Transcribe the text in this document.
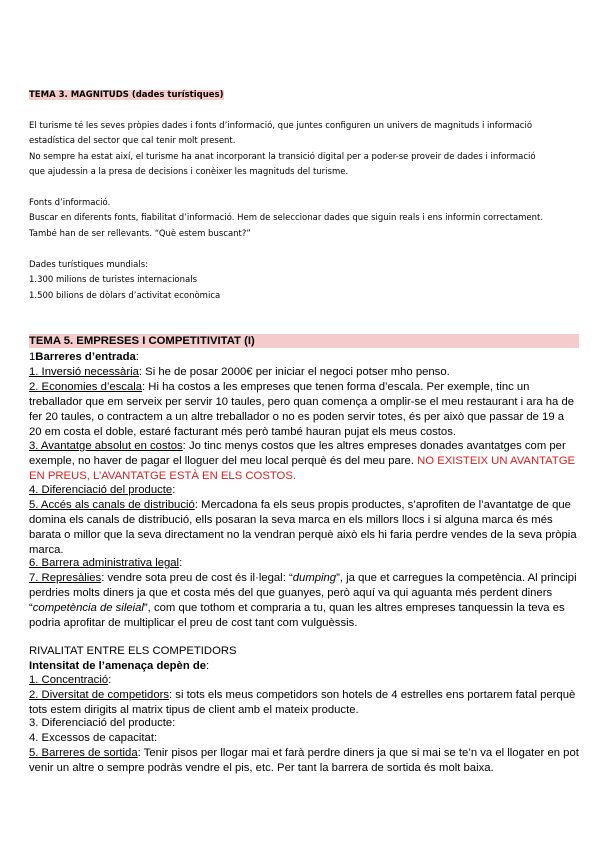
TEMA 3. MAGNITUDS (dades turístiques)
El turisme té les seves pròpies dades i fonts d’informació, que juntes configuren un univers de magnituds i informació
estadística del sector que cal tenir molt present.
No sempre ha estat així, el turisme ha anat incorporant la transició digital per a poder-se proveir de dades i informació
que ajudessin a la presa de decisions i conèixer les magnituds del turisme.
Fonts d’informació.
Buscar en diferents fonts, fiabilitat d’informació. Hem de seleccionar dades que siguin reals i ens informin correctament.
També han de ser rellevants. “Què estem buscant?”
Dades turístiques mundials:
1.300 milions de turistes internacionals
1.500 bilions de dòlars d’activitat econòmica
TEMA 5. EMPRESES I COMPETITIVITAT (I)
1Barreres d’entrada:
1. Inversió necessària: Si he de posar 2000€ per iniciar el negoci potser mho penso.
2. Economies d’escala: Hi ha costos a les empreses que tenen forma d’escala. Per exemple, tinc un treballador que em serveix per servir 10 taules, pero quan comença a omplir-se el meu restaurant i ara ha de fer 20 taules, o contractem a un altre treballador o no es poden servir totes, és per això que passar de 19 a 20 em costa el doble, estaré facturant més però també hauran pujat els meus costos.
3. Avantatge absolut en costos: Jo tinc menys costos que les altres empreses donades avantatges com per exemple, no haver de pagar el lloguer del meu local perquè és del meu pare. NO EXISTEIX UN AVANTATGE EN PREUS, L’AVANTATGE ESTÀ EN ELS COSTOS.
4. Diferenciació del producte:
5. Accés als canals de distribució: Mercadona fa els seus propis productes, s’aprofiten de l’avantatge de que domina els canals de distribució, ells posaran la seva marca en els millors llocs i si alguna marca és més barata o millor que la seva directament no la vendran perquè això els hi faria perdre vendes de la seva pròpia marca.
6. Barrera administrativa legal:
7. Represàlies: vendre sota preu de cost és il·legal: “dumping”, ja que et carregues la competència. Al principi perdries molts diners ja que et costa més del que guanyes, però aquí va qui aguanta més perdent diners “competència de sileial”, com que tothom et compraria a tu, quan les altres empreses tanquessin la teva es podria aprofitar de multiplicar el preu de cost tant com vulguèssis.
RIVALITAT ENTRE ELS COMPETIDORS
Intensitat de l’amenaça depèn de:
1. Concentració:
2. Diversitat de competidors: si tots els meus competidors son hotels de 4 estrelles ens portarem fatal perquè tots estem dirigits al matrix tipus de client amb el mateix producte.
3. Diferenciació del producte:
4. Excessos de capacitat:
5. Barreres de sortida: Tenir pisos per llogar mai et farà perdre diners ja que si mai se te’n va el llogater en pot venir un altre o sempre podràs vendre el pis, etc. Per tant la barrera de sortida és molt baixa.
